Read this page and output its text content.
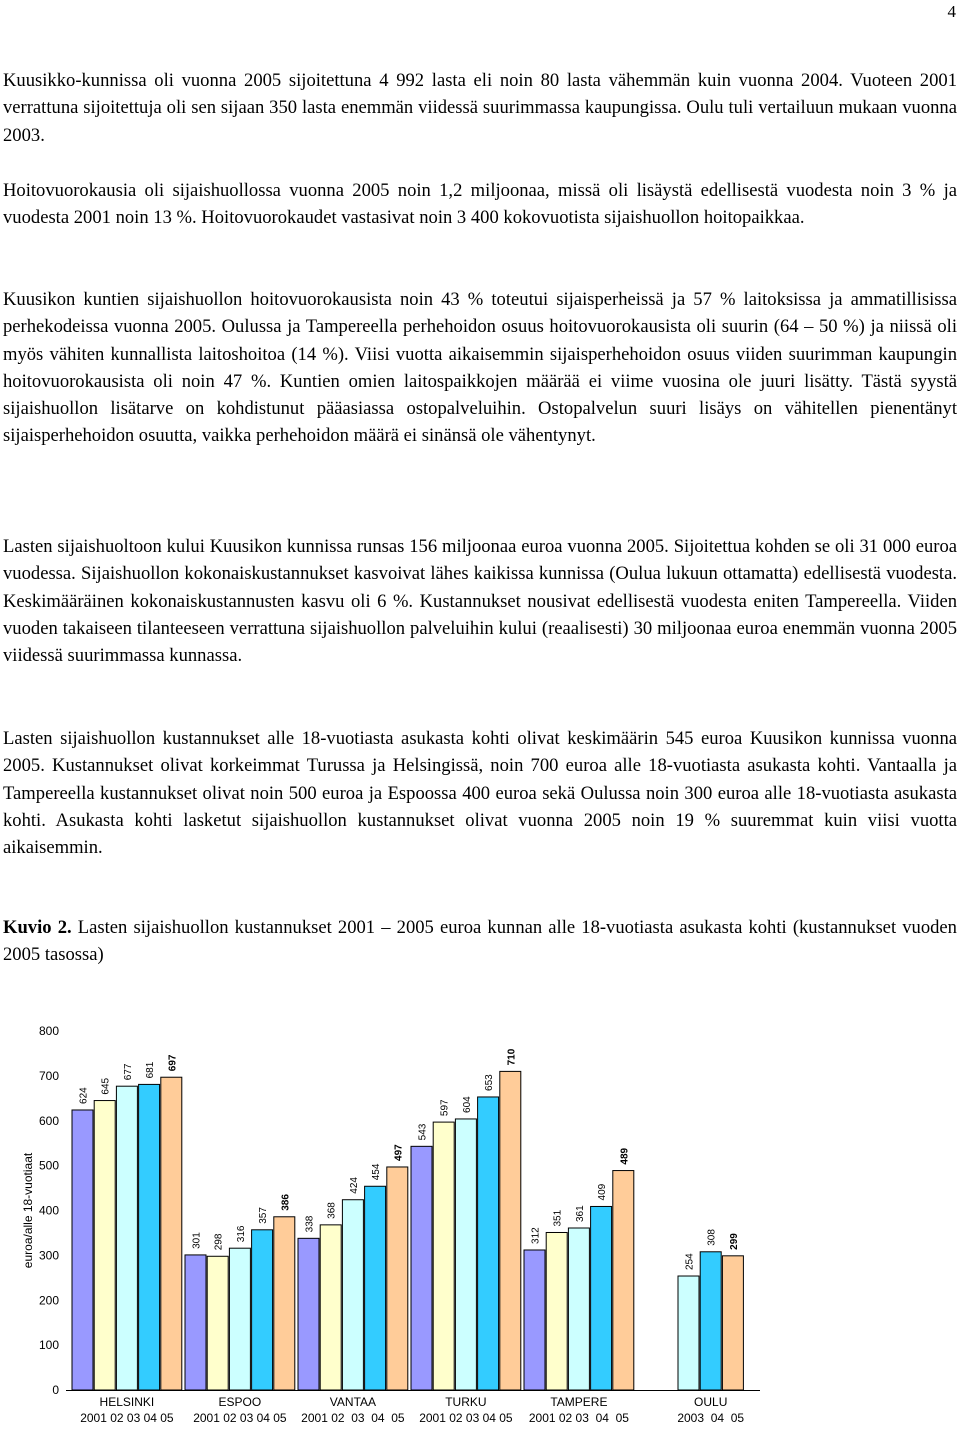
4

Kuusikko-kunnissa oli vuonna 2005 sijoitettuna 4 992 lasta eli noin 80 lasta vähemmän kuin vuonna 2004. Vuoteen 2001 verrattuna sijoitettuja oli sen sijaan 350 lasta enemmän viidessä suurimmassa kaupungissa. Oulu tuli vertailuun mukaan vuonna 2003.

Hoitovuorokausia oli sijaishuollossa vuonna 2005 noin 1,2 miljoonaa, missä oli lisäystä edellisestä vuodesta noin 3 % ja vuodesta 2001 noin 13 %. Hoitovuorokaudet vastasivat noin 3 400 kokovuotista sijaishuollon hoitopaikkaa.

Kuusikon kuntien sijaishuollon hoitovuorokausista noin 43 % toteutui sijaisperheissä ja 57 % laitoksissa ja ammatillisissa perhekodeissa vuonna 2005. Oulussa ja Tampereella perhehoidon osuus hoitovuorokausista oli suurin (64 – 50 %) ja niissä oli myös vähiten kunnallista laitoshoitoa (14 %). Viisi vuotta aikaisemmin sijaisperhehoidon osuus viiden suurimman kaupungin hoitovuorokausista oli noin 47 %. Kuntien omien laitospaikkojen määrää ei viime vuosina ole juuri lisätty. Tästä syystä sijaishuollon lisätarve on kohdistunut pääasiassa ostopalveluihin. Ostopalvelun suuri lisäys on vähitellen pienentänyt sijaisperhehoidon osuutta, vaikka perhehoidon määrä ei sinänsä ole vähentynyt.

Lasten sijaishuoltoon kului Kuusikon kunnissa runsas 156 miljoonaa euroa vuonna 2005. Sijoitettua kohden se oli 31 000 euroa vuodessa. Sijaishuollon kokonaiskustannukset kasvoivat lähes kaikissa kunnissa (Oulua lukuun ottamatta) edellisestä vuodesta. Keskimääräinen kokonaiskustannusten kasvu oli 6 %. Kustannukset nousivat edellisestä vuodesta eniten Tampereella. Viiden vuoden takaiseen tilanteeseen verrattuna sijaishuollon palveluihin kului (reaalisesti) 30 miljoonaa euroa enemmän vuonna 2005 viidessä suurimmassa kunnassa.

Lasten sijaishuollon kustannukset alle 18-vuotiasta asukasta kohti olivat keskimäärin 545 euroa Kuusikon kunnissa vuonna 2005. Kustannukset olivat korkeimmat Turussa ja Helsingissä, noin 700 euroa alle 18-vuotiasta asukasta kohti. Vantaalla ja Tampereella kustannukset olivat noin 500 euroa ja Espoossa 400 euroa sekä Oulussa noin 300 euroa alle 18-vuotiasta asukasta kohti. Asukasta kohti lasketut sijaishuollon kustannukset olivat vuonna 2005 noin 19 % suuremmat kuin viisi vuotta aikaisemmin.

Kuvio 2. Lasten sijaishuollon kustannukset 2001 – 2005 euroa kunnan alle 18-vuotiasta asukasta kohti (kustannukset vuoden 2005 tasossa)

euroa/alle 18-vuotiaat
0
100
200
300
400
500
600
700
800
624
645
677 681 697
HELSINKI
2001 02 03 04 05
301 298 316
357
386
ESPOO
2001 02 03 04 05
338
368
424
454
497
VANTAA
2001 02  03  04  05
543
597 604
653
710
TURKU
2001 02 03 04 05
312
351 361
409
489
TAMPERE
2001 02 03  04  05
254
308 299
OULU
2003  04  05
